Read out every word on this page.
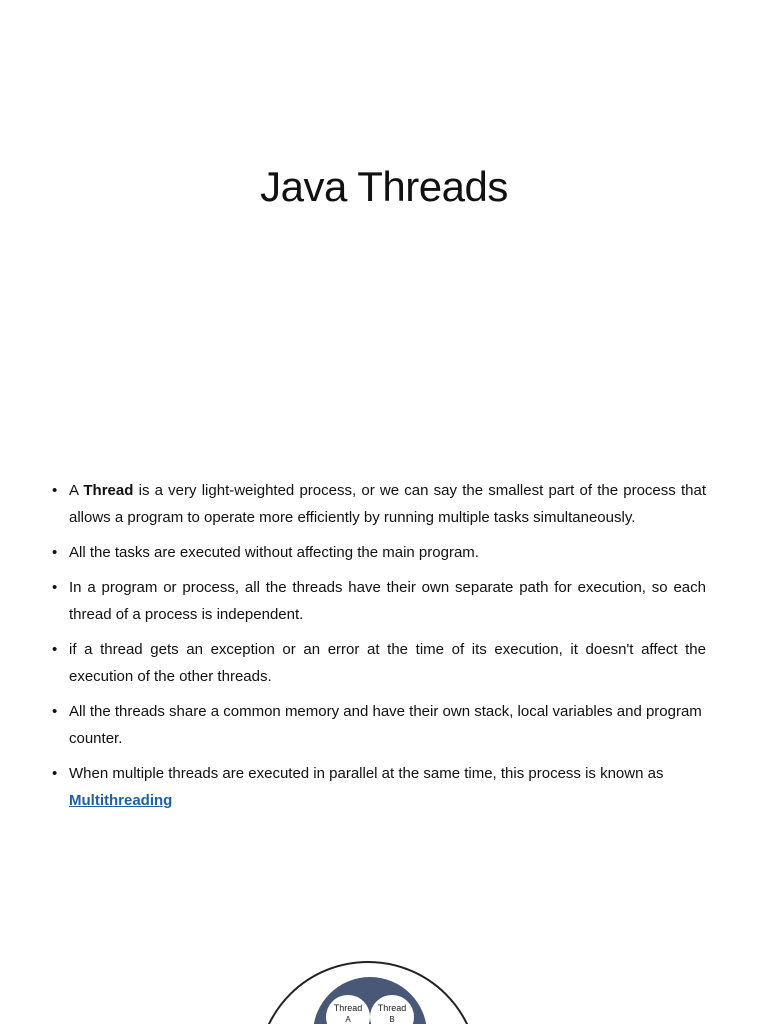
Java Threads
• A Thread is a very light-weighted process, or we can say the smallest part of the process that allows a program to operate more efficiently by running multiple tasks simultaneously.
• All the tasks are executed without affecting the main program.
• In a program or process, all the threads have their own separate path for execution, so each thread of a process is independent.
• if a thread gets an exception or an error at the time of its execution, it doesn't affect the execution of the other threads.
• All the threads share a common memory and have their own stack, local variables and program counter.
• When multiple threads are executed in parallel at the same time, this process is known as Multithreading
Thread
A
Thread
B
